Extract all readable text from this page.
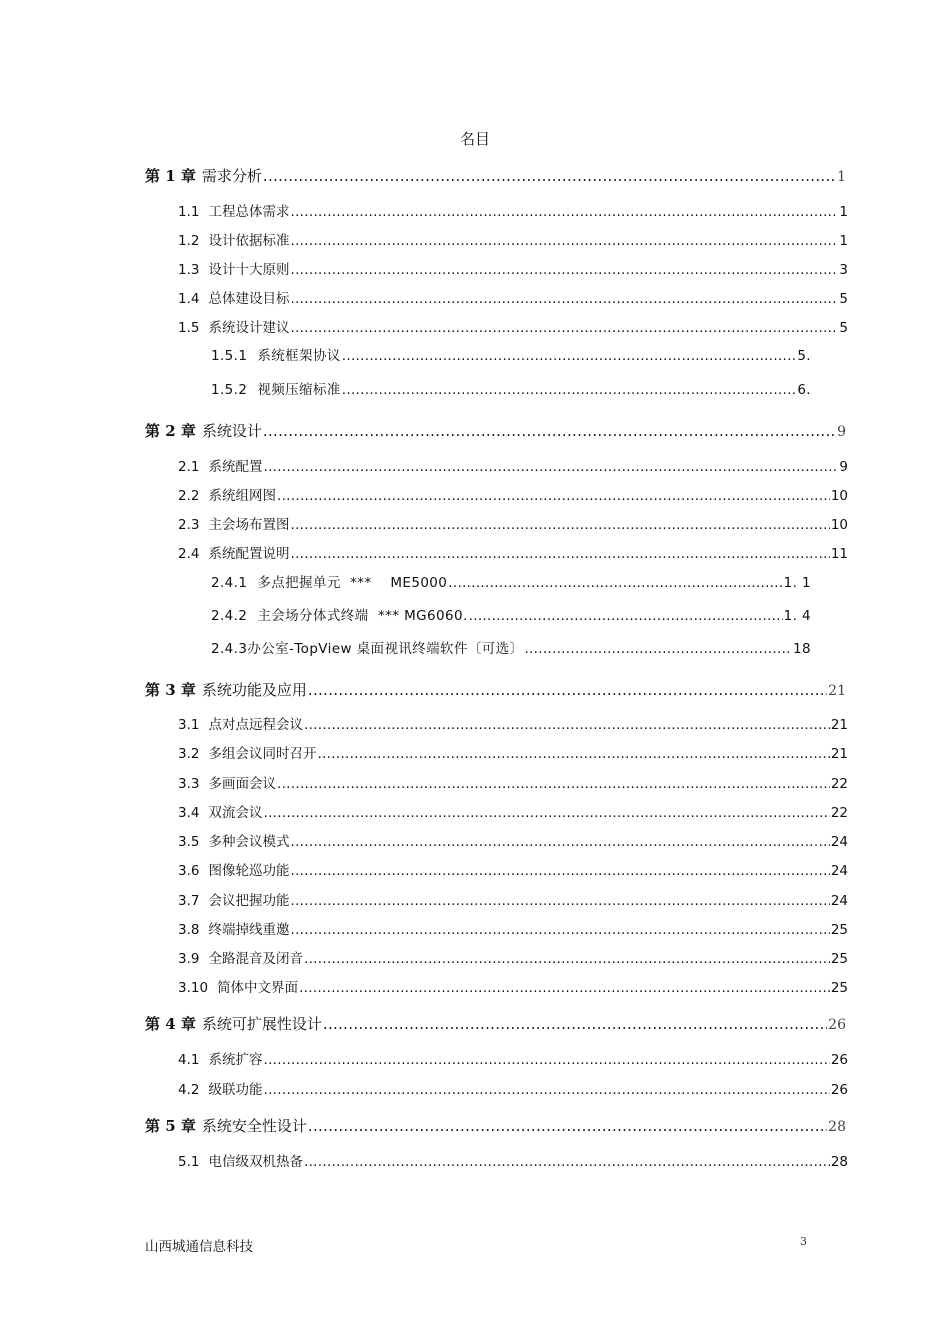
名目
第 1 章 需求分析 .....	1
1.1 工程总体需求 .....	1
1.2 设计依据标准 .....	1
1.3 设计十大原则 .....	3
1.4 总体建设目标 .....	5
1.5 系统设计建议 .....	5
1.5.1 系统框架协议 .....	5.
1.5.2 视频压缩标准 .....	6.
第 2 章 系统设计 .....	9
2.1 系统配置 .....	9
2.2 系统组网图 .....	10
2.3 主会场布置图 .....	10
2.4 系统配置说明 .....	11
2.4.1 多点把握单元  ***    ME5000 .....	1. 1
2.4.2 主会场分体式终端  *** MG6060. .....	1. 4
2.4.3办公室-TopView 桌面视讯终端软件〔可选〕 .....	18
第 3 章 系统功能及应用 .....	21
3.1 点对点远程会议 .....	21
3.2 多组会议同时召开 .....	21
3.3 多画面会议 .....	22
3.4 双流会议 .....	22
3.5 多种会议模式 .....	24
3.6 图像轮巡功能 .....	24
3.7 会议把握功能 .....	24
3.8 终端掉线重邀 .....	25
3.9 全路混音及闭音 .....	25
3.10 简体中文界面 .....	25
第 4 章 系统可扩展性设计 .....	26
4.1 系统扩容 .....	26
4.2 级联功能 .....	26
第 5 章 系统安全性设计 .....	28
5.1 电信级双机热备 .....	28
山西城通信息科技	3
